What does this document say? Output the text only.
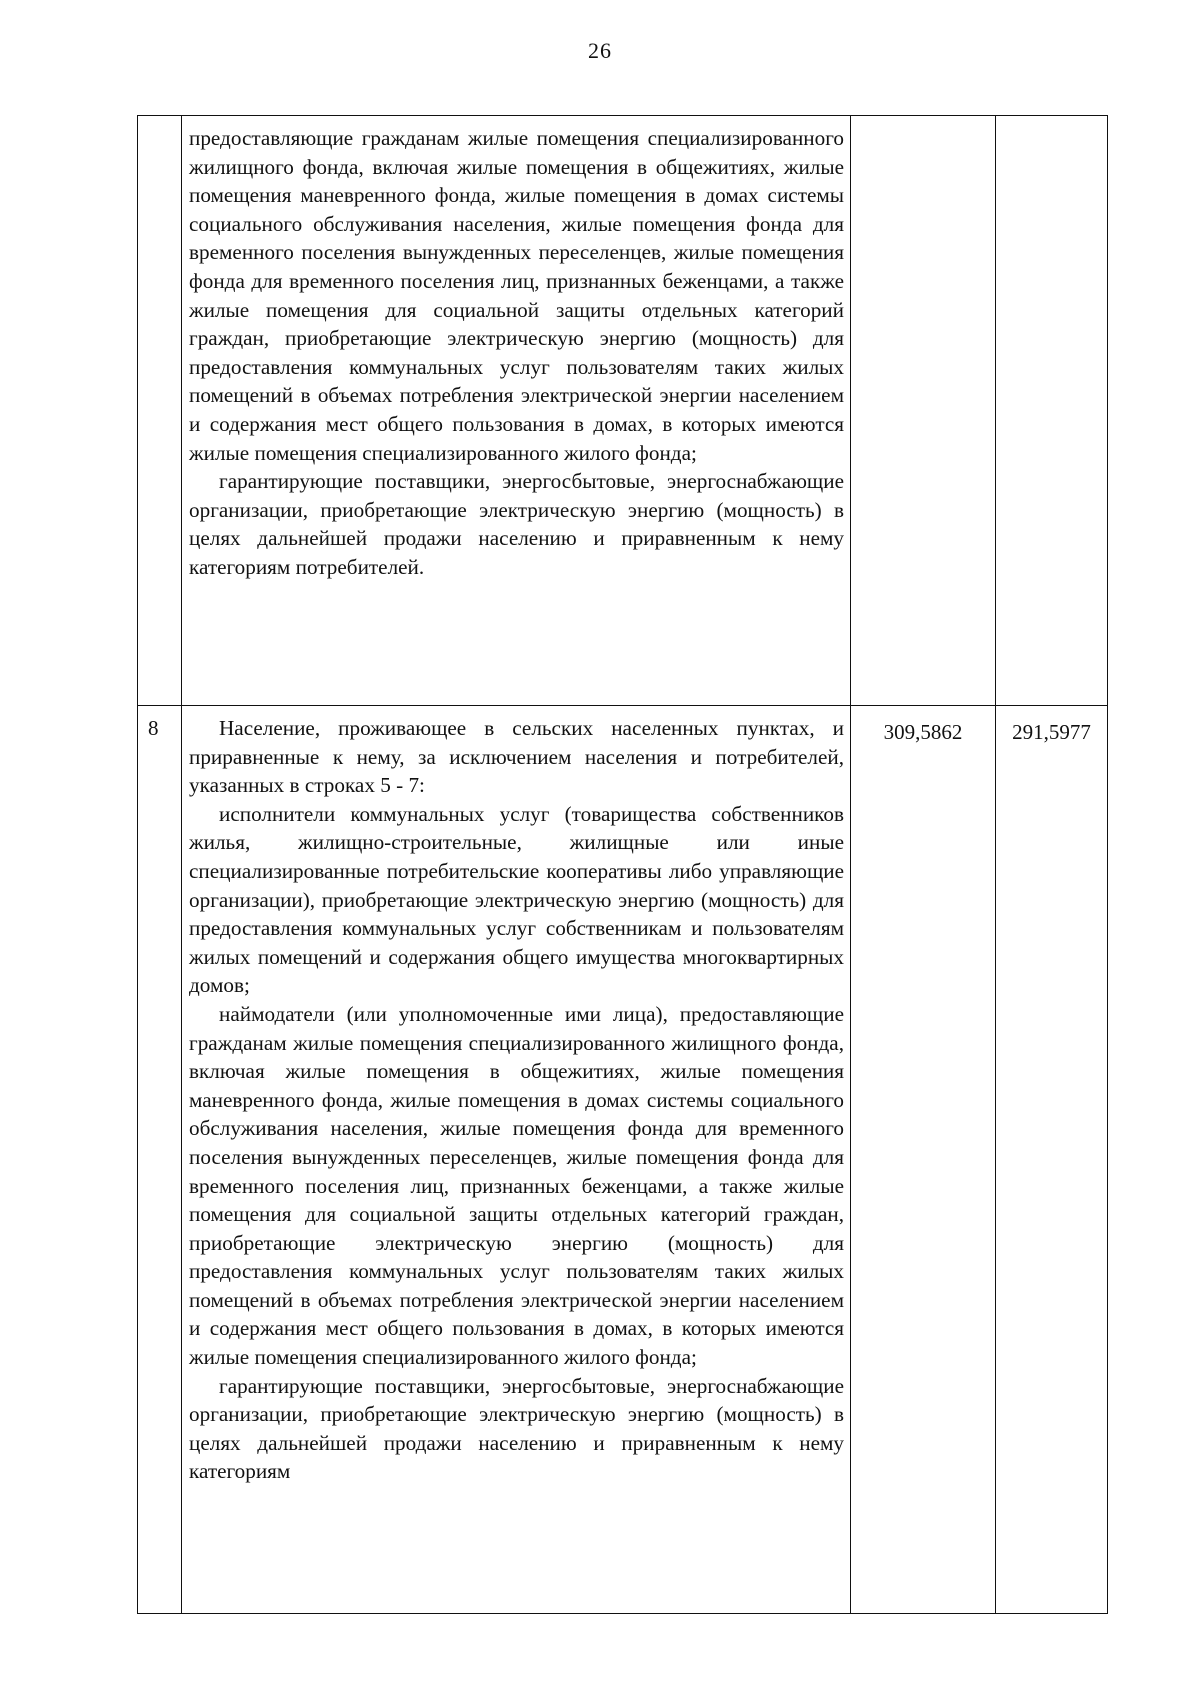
26

	предоставляющие гражданам жилые помещения специализированного жилищного фонда, включая жилые помещения в общежитиях, жилые помещения маневренного фонда, жилые помещения в домах системы социального обслуживания населения, жилые помещения фонда для временного поселения вынужденных переселенцев, жилые помещения фонда для временного поселения лиц, признанных беженцами, а также жилые помещения для социальной защиты отдельных категорий граждан, приобретающие электрическую энергию (мощность) для предоставления коммунальных услуг пользователям таких жилых помещений в объемах потребления электрической энергии населением и содержания мест общего пользования в домах, в которых имеются жилые помещения специализированного жилого фонда;

гарантирующие поставщики, энергосбытовые, энергоснабжающие организации, приобретающие электрическую энергию (мощность) в целях дальнейшей продажи населению и приравненным к нему категориям потребителей.		

8	Население, проживающее в сельских населенных пунктах, и приравненные к нему, за исключением населения и потребителей, указанных в строках 5 - 7:

исполнители коммунальных услуг (товарищества собственников жилья, жилищно-строительные, жилищные или иные специализированные потребительские кооперативы либо управляющие организации), приобретающие электрическую энергию (мощность) для предоставления коммунальных услуг собственникам и пользователям жилых помещений и содержания общего имущества многоквартирных домов;

наймодатели (или уполномоченные ими лица), предоставляющие гражданам жилые помещения специализированного жилищного фонда, включая жилые помещения в общежитиях, жилые помещения маневренного фонда, жилые помещения в домах системы социального обслуживания населения, жилые помещения фонда для временного поселения вынужденных переселенцев, жилые помещения фонда для временного поселения лиц, признанных беженцами, а также жилые помещения для социальной защиты отдельных категорий граждан, приобретающие электрическую энергию (мощность) для предоставления коммунальных услуг пользователям таких жилых помещений в объемах потребления электрической энергии населением и содержания мест общего пользования в домах, в которых имеются жилые помещения специализированного жилого фонда;

гарантирующие поставщики, энергосбытовые, энергоснабжающие организации, приобретающие электрическую энергию (мощность) в целях дальнейшей продажи населению и приравненным к нему категориям	309,5862	291,5977
